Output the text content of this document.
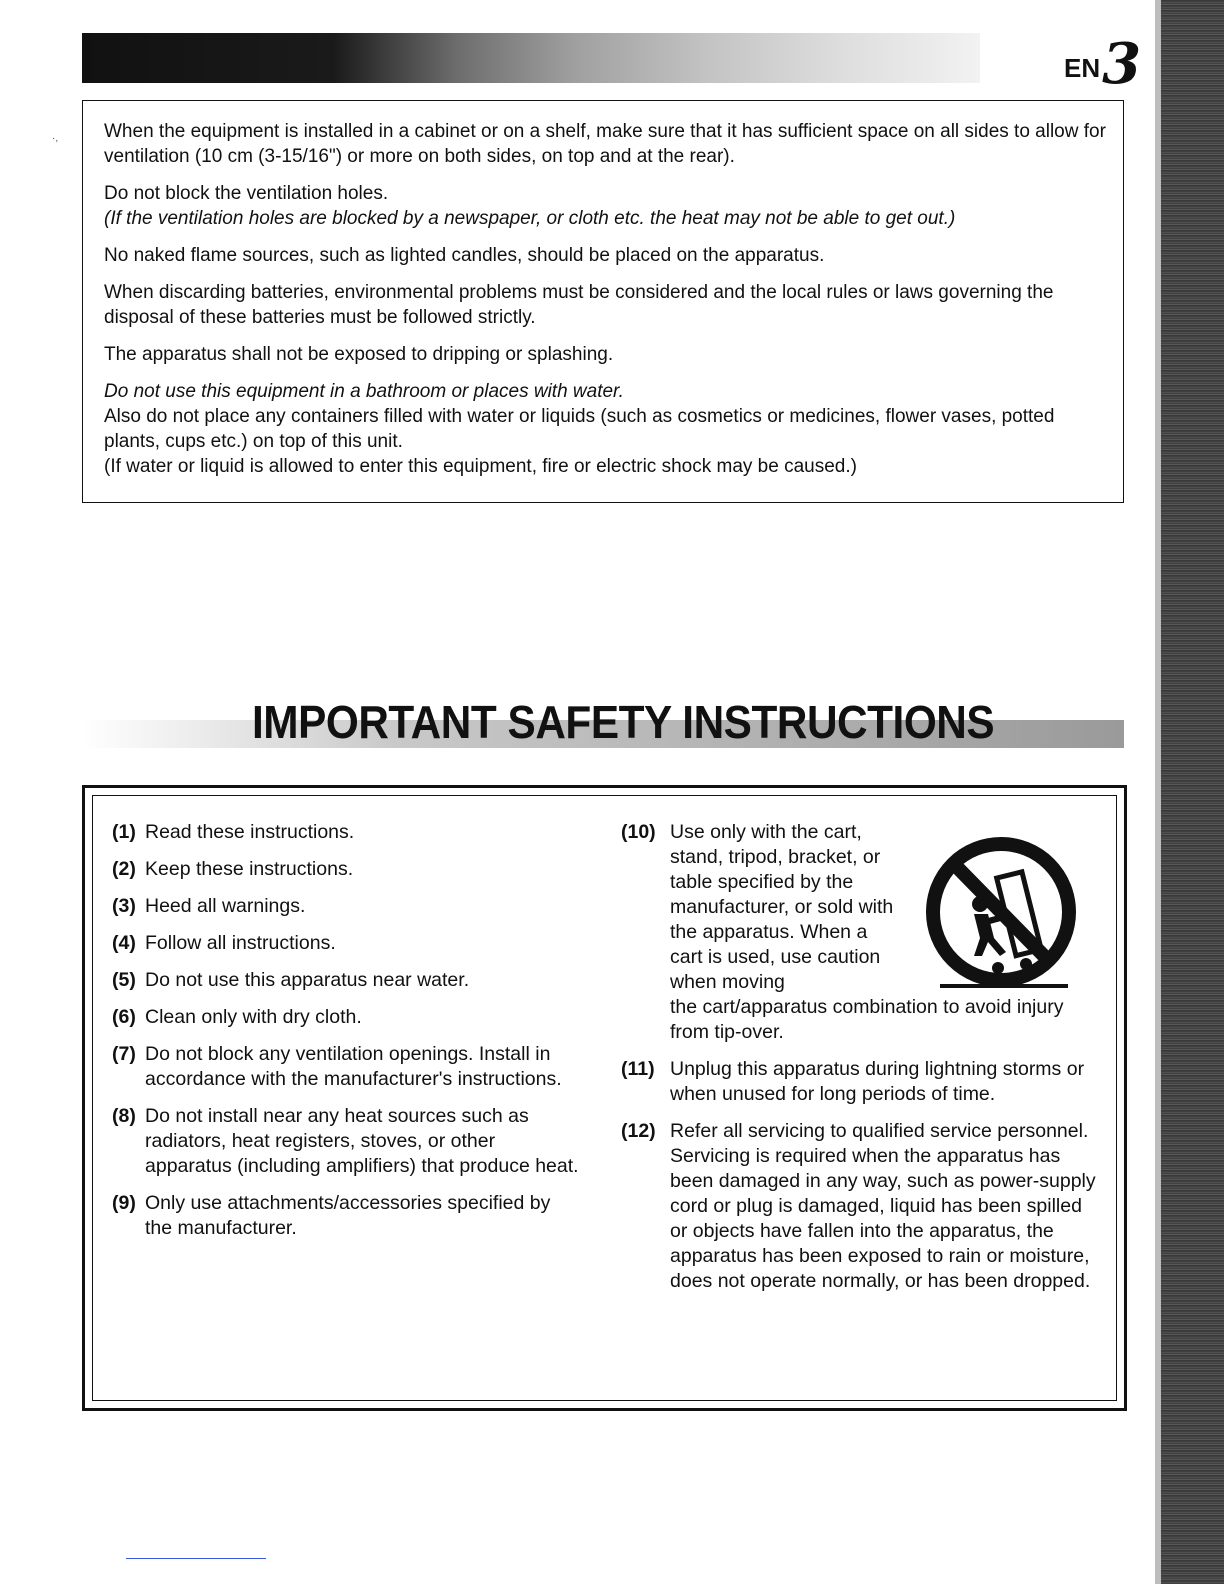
EN 3
·, When the equipment is installed in a cabinet or on a shelf, make sure that it has sufficient space on all sides to allow for ventilation (10 cm (3-15/16") or more on both sides, on top and at the rear).

Do not block the ventilation holes.

(If the ventilation holes are blocked by a newspaper, or cloth etc. the heat may not be able to get out.)

No naked flame sources, such as lighted candles, should be placed on the apparatus.

When discarding batteries, environmental problems must be considered and the local rules or laws governing the disposal of these batteries must be followed strictly.

The apparatus shall not be exposed to dripping or splashing.

Do not use this equipment in a bathroom or places with water.

Also do not place any containers filled with water or liquids (such as cosmetics or medicines, flower vases, potted plants, cups etc.) on top of this unit.

(If water or liquid is allowed to enter this equipment, fire or electric shock may be caused.)

IMPORTANT SAFETY INSTRUCTIONS
(1) Read these instructions.
(2) Keep these instructions.
(3) Heed all warnings.
(4) Follow all instructions.
(5) Do not use this apparatus near water.
(6) Clean only with dry cloth.
(7) Do not block any ventilation openings. Install in accordance with the manufacturer's instructions.
(8) Do not install near any heat sources such as radiators, heat registers, stoves, or other apparatus (including amplifiers) that produce heat.
(9) Only use attachments/accessories specified by the manufacturer.
(10) Use only with the cart, stand, tripod, bracket, or table specified by the manufacturer, or sold with the apparatus. When a cart is used, use caution when moving
the cart/apparatus combination to avoid injury from tip-over.
(11) Unplug this apparatus during lightning storms or when unused for long periods of time.
(12) Refer all servicing to qualified service personnel. Servicing is required when the apparatus has been damaged in any way, such as power-supply cord or plug is damaged, liquid has been spilled or objects have fallen into the apparatus, the apparatus has been exposed to rain or moisture, does not operate normally, or has been dropped.
